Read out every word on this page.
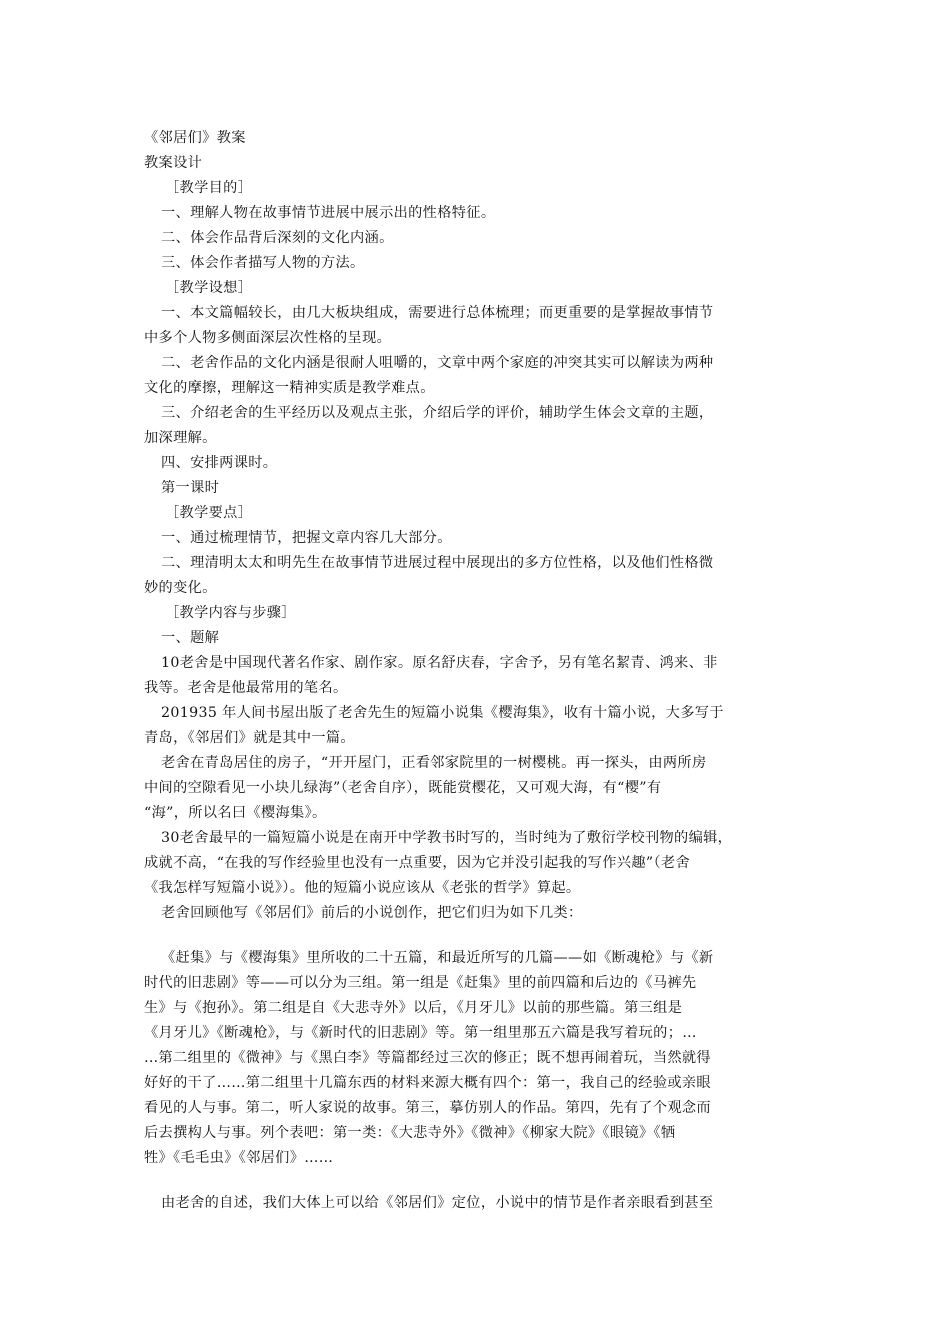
《邻居们》教案
教案设计
［教学目的］
一、理解人物在故事情节进展中展示出的性格特征。
二、体会作品背后深刻的文化内涵。
三、体会作者描写人物的方法。
［教学设想］
一、本文篇幅较长，由几大板块组成，需要进行总体梳理；而更重要的是掌握故事情节
中多个人物多侧面深层次性格的呈现。
二、老舍作品的文化内涵是很耐人咀嚼的，文章中两个家庭的冲突其实可以解读为两种
文化的摩擦，理解这一精神实质是教学难点。
三、介绍老舍的生平经历以及观点主张，介绍后学的评价，辅助学生体会文章的主题，
加深理解。
四、安排两课时。
第一课时
［教学要点］
一、通过梳理情节，把握文章内容几大部分。
二、理清明太太和明先生在故事情节进展过程中展现出的多方位性格，以及他们性格微
妙的变化。
［教学内容与步骤］
一、题解
10老舍是中国现代著名作家、剧作家。原名舒庆春，字舍予，另有笔名絜青、鸿来、非
我等。老舍是他最常用的笔名。
201935 年人间书屋出版了老舍先生的短篇小说集《樱海集》，收有十篇小说，大多写于
青岛，《邻居们》就是其中一篇。
老舍在青岛居住的房子，“开开屋门，正看邻家院里的一树樱桃。再一探头，由两所房
中间的空隙看见一小块儿绿海”（老舍自序），既能赏樱花，又可观大海，有“樱”有
“海”，所以名曰《樱海集》。
30老舍最早的一篇短篇小说是在南开中学教书时写的，当时纯为了敷衍学校刊物的编辑，
成就不高，“在我的写作经验里也没有一点重要，因为它并没引起我的写作兴趣”（老舍
《我怎样写短篇小说》）。他的短篇小说应该从《老张的哲学》算起。
老舍回顾他写《邻居们》前后的小说创作，把它们归为如下几类：
《赶集》与《樱海集》里所收的二十五篇，和最近所写的几篇——如《断魂枪》与《新
时代的旧悲剧》等——可以分为三组。第一组是《赶集》里的前四篇和后边的《马裤先
生》与《抱孙》。第二组是自《大悲寺外》以后，《月牙儿》以前的那些篇。第三组是
《月牙儿》《断魂枪》，与《新时代的旧悲剧》等。第一组里那五六篇是我写着玩的；…
…第二组里的《微神》与《黑白李》等篇都经过三次的修正；既不想再闹着玩，当然就得
好好的干了……第二组里十几篇东西的材料来源大概有四个：第一，我自己的经验或亲眼
看见的人与事。第二，听人家说的故事。第三，摹仿别人的作品。第四，先有了个观念而
后去撰构人与事。列个表吧：第一类：《大悲寺外》《微神》《柳家大院》《眼镜》《牺
牲》《毛毛虫》《邻居们》……
由老舍的自述，我们大体上可以给《邻居们》定位，小说中的情节是作者亲眼看到甚至
